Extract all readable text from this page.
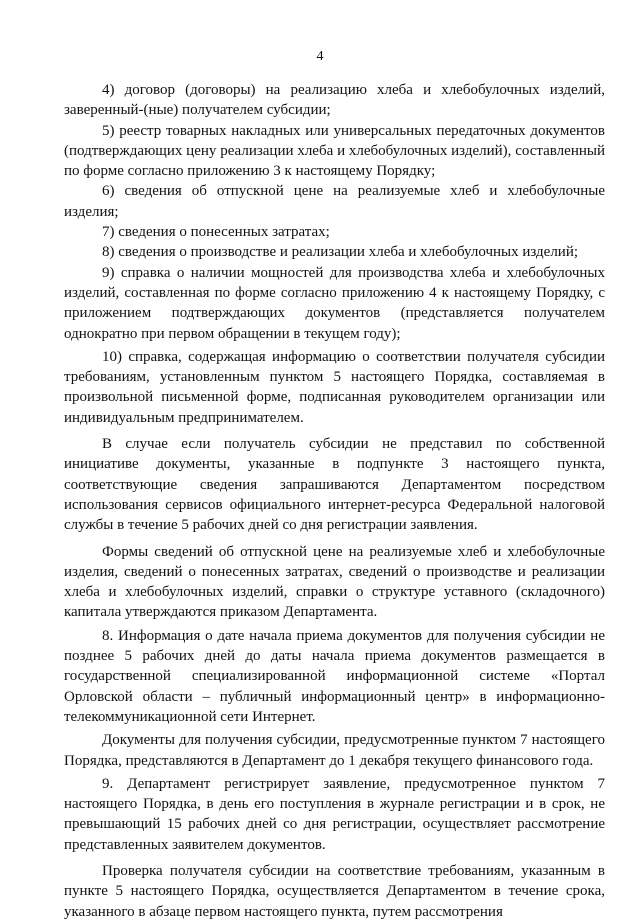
4

4) договор (договоры) на реализацию хлеба и хлебобулочных изделий, заверенный-(ные) получателем субсидии;

5) реестр товарных накладных или универсальных передаточных документов (подтверждающих цену реализации хлеба и хлебобулочных изделий), составленный по форме согласно приложению 3 к настоящему Порядку;

6) сведения об отпускной цене на реализуемые хлеб и хлебобулочные изделия;

7) сведения о понесенных затратах;

8) сведения о производстве и реализации хлеба и хлебобулочных изделий;

9) справка о наличии мощностей для производства хлеба и хлебобулочных изделий, составленная по форме согласно приложению 4 к настоящему Порядку, с приложением подтверждающих документов (представляется получателем однократно при первом обращении в текущем году);

10) справка, содержащая информацию о соответствии получателя субсидии требованиям, установленным пунктом 5 настоящего Порядка, составляемая в произвольной письменной форме, подписанная руководителем организации или индивидуальным предпринимателем.

В случае если получатель субсидии не представил по собственной инициативе документы, указанные в подпункте 3 настоящего пункта, соответствующие сведения запрашиваются Департаментом посредством использования сервисов официального интернет-ресурса Федеральной налоговой службы в течение 5 рабочих дней со дня регистрации заявления.

Формы сведений об отпускной цене на реализуемые хлеб и хлебобулочные изделия, сведений о понесенных затратах, сведений о производстве и реализации хлеба и хлебобулочных изделий, справки о структуре уставного (складочного) капитала утверждаются приказом Департамента.

8. Информация о дате начала приема документов для получения субсидии не позднее 5 рабочих дней до даты начала приема документов размещается в государственной специализированной информационной системе «Портал Орловской области – публичный информационный центр» в информационно-телекоммуникационной сети Интернет.

Документы для получения субсидии, предусмотренные пунктом 7 настоящего Порядка, представляются в Департамент до 1 декабря текущего финансового года.

9. Департамент регистрирует заявление, предусмотренное пунктом 7 настоящего Порядка, в день его поступления в журнале регистрации и в срок, не превышающий 15 рабочих дней со дня регистрации, осуществляет рассмотрение представленных заявителем документов.

Проверка получателя субсидии на соответствие требованиям, указанным в пункте 5 настоящего Порядка, осуществляется Департаментом в течение срока, указанного в абзаце первом настоящего пункта, путем рассмотрения
